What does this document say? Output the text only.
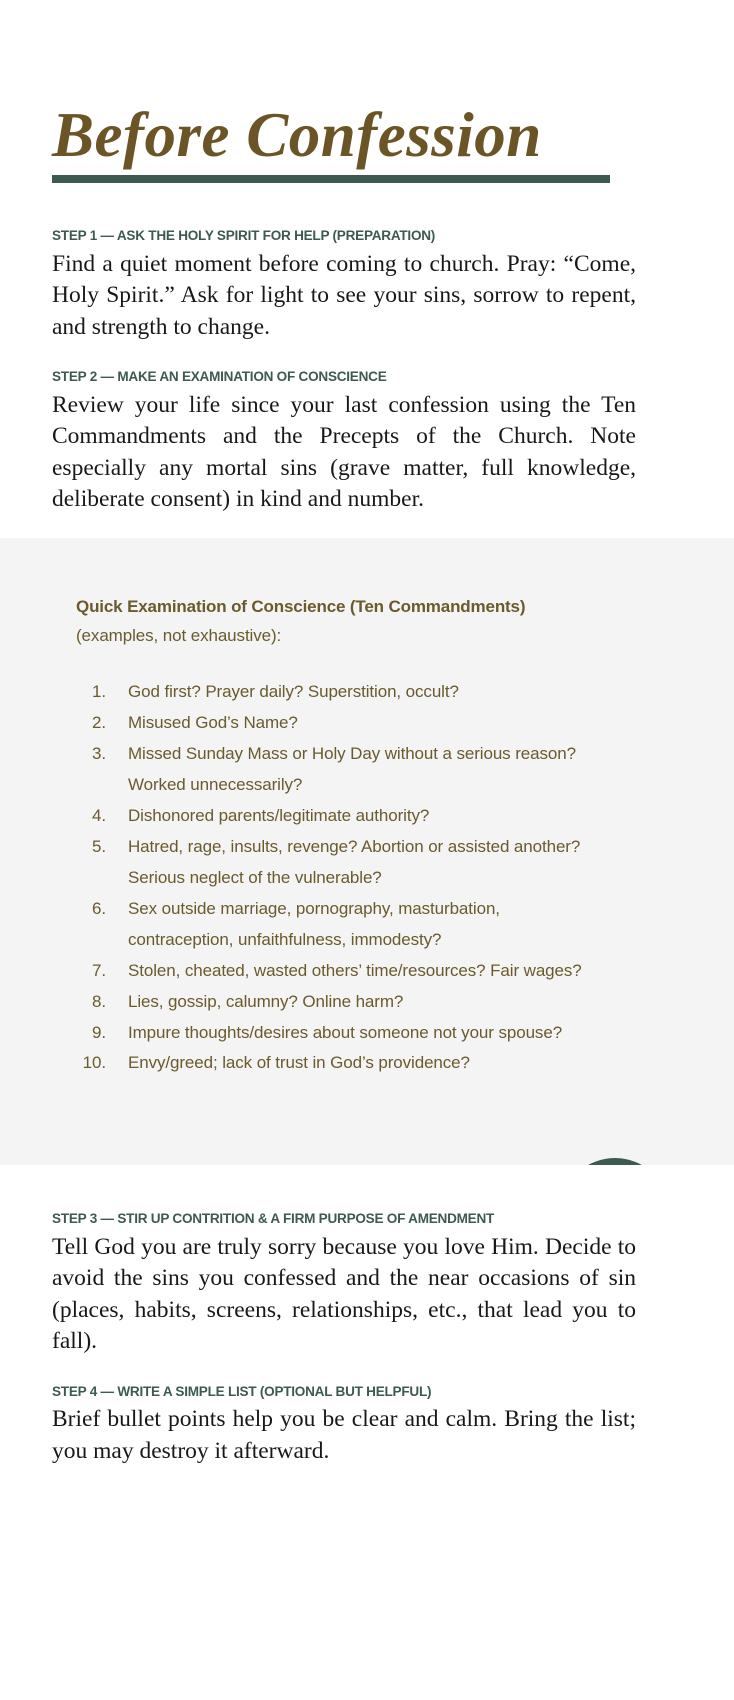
Before Confession

STEP 1 — ASK THE HOLY SPIRIT FOR HELP (PREPARATION)

Find a quiet moment before coming to church. Pray: “Come, Holy Spirit.” Ask for light to see your sins, sorrow to repent, and strength to change.

STEP 2 — MAKE AN EXAMINATION OF CONSCIENCE

Review your life since your last confession using the Ten Commandments and the Precepts of the Church. Note especially any mortal sins (grave matter, full knowledge, deliberate consent) in kind and number.

Quick Examination of Conscience (Ten Commandments)

(examples, not exhaustive):

1.	God first? Prayer daily? Superstition, occult?
2.	Misused God’s Name?
3.	Missed Sunday Mass or Holy Day without a serious reason? Worked unnecessarily?
4.	Dishonored parents/legitimate authority?
5.	Hatred, rage, insults, revenge? Abortion or assisted another? Serious neglect of the vulnerable?
6.	Sex outside marriage, pornography, masturbation, contraception, unfaithfulness, immodesty?
7.	Stolen, cheated, wasted others’ time/resources? Fair wages?
8.	Lies, gossip, calumny? Online harm?
9.	Impure thoughts/desires about someone not your spouse?
10.	Envy/greed; lack of trust in God’s providence?

STEP 3 — STIR UP CONTRITION & A FIRM PURPOSE OF AMENDMENT

Tell God you are truly sorry because you love Him. Decide to avoid the sins you confessed and the near occasions of sin (places, habits, screens, relationships, etc., that lead you to fall).

STEP 4 — WRITE A SIMPLE LIST (OPTIONAL BUT HELPFUL)

Brief bullet points help you be clear and calm. Bring the list; you may destroy it afterward.
